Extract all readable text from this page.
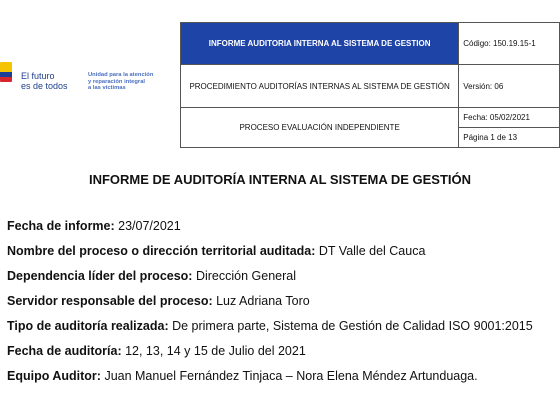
El futuro
es de todos
Unidad para la atención
y reparación integral
a las víctimas
INFORME AUDITORIA INTERNA AL SISTEMA DE GESTION	Código: 150.19.15-1
PROCEDIMIENTO AUDITORÍAS INTERNAS AL SISTEMA DE GESTIÓN	Versión: 06
PROCESO EVALUACIÓN INDEPENDIENTE	Fecha: 05/02/2021
	Página 1 de 13
INFORME DE AUDITORÍA INTERNA AL SISTEMA DE GESTIÓN

Fecha de informe: 23/07/2021

Nombre del proceso o dirección territorial auditada: DT Valle del Cauca

Dependencia líder del proceso: Dirección General

Servidor responsable del proceso: Luz Adriana Toro

Tipo de auditoría realizada: De primera parte, Sistema de Gestión de Calidad ISO 9001:2015

Fecha de auditoría: 12, 13, 14 y 15 de Julio del 2021

Equipo Auditor: Juan Manuel Fernández Tinjaca – Nora Elena Méndez Artunduaga.
